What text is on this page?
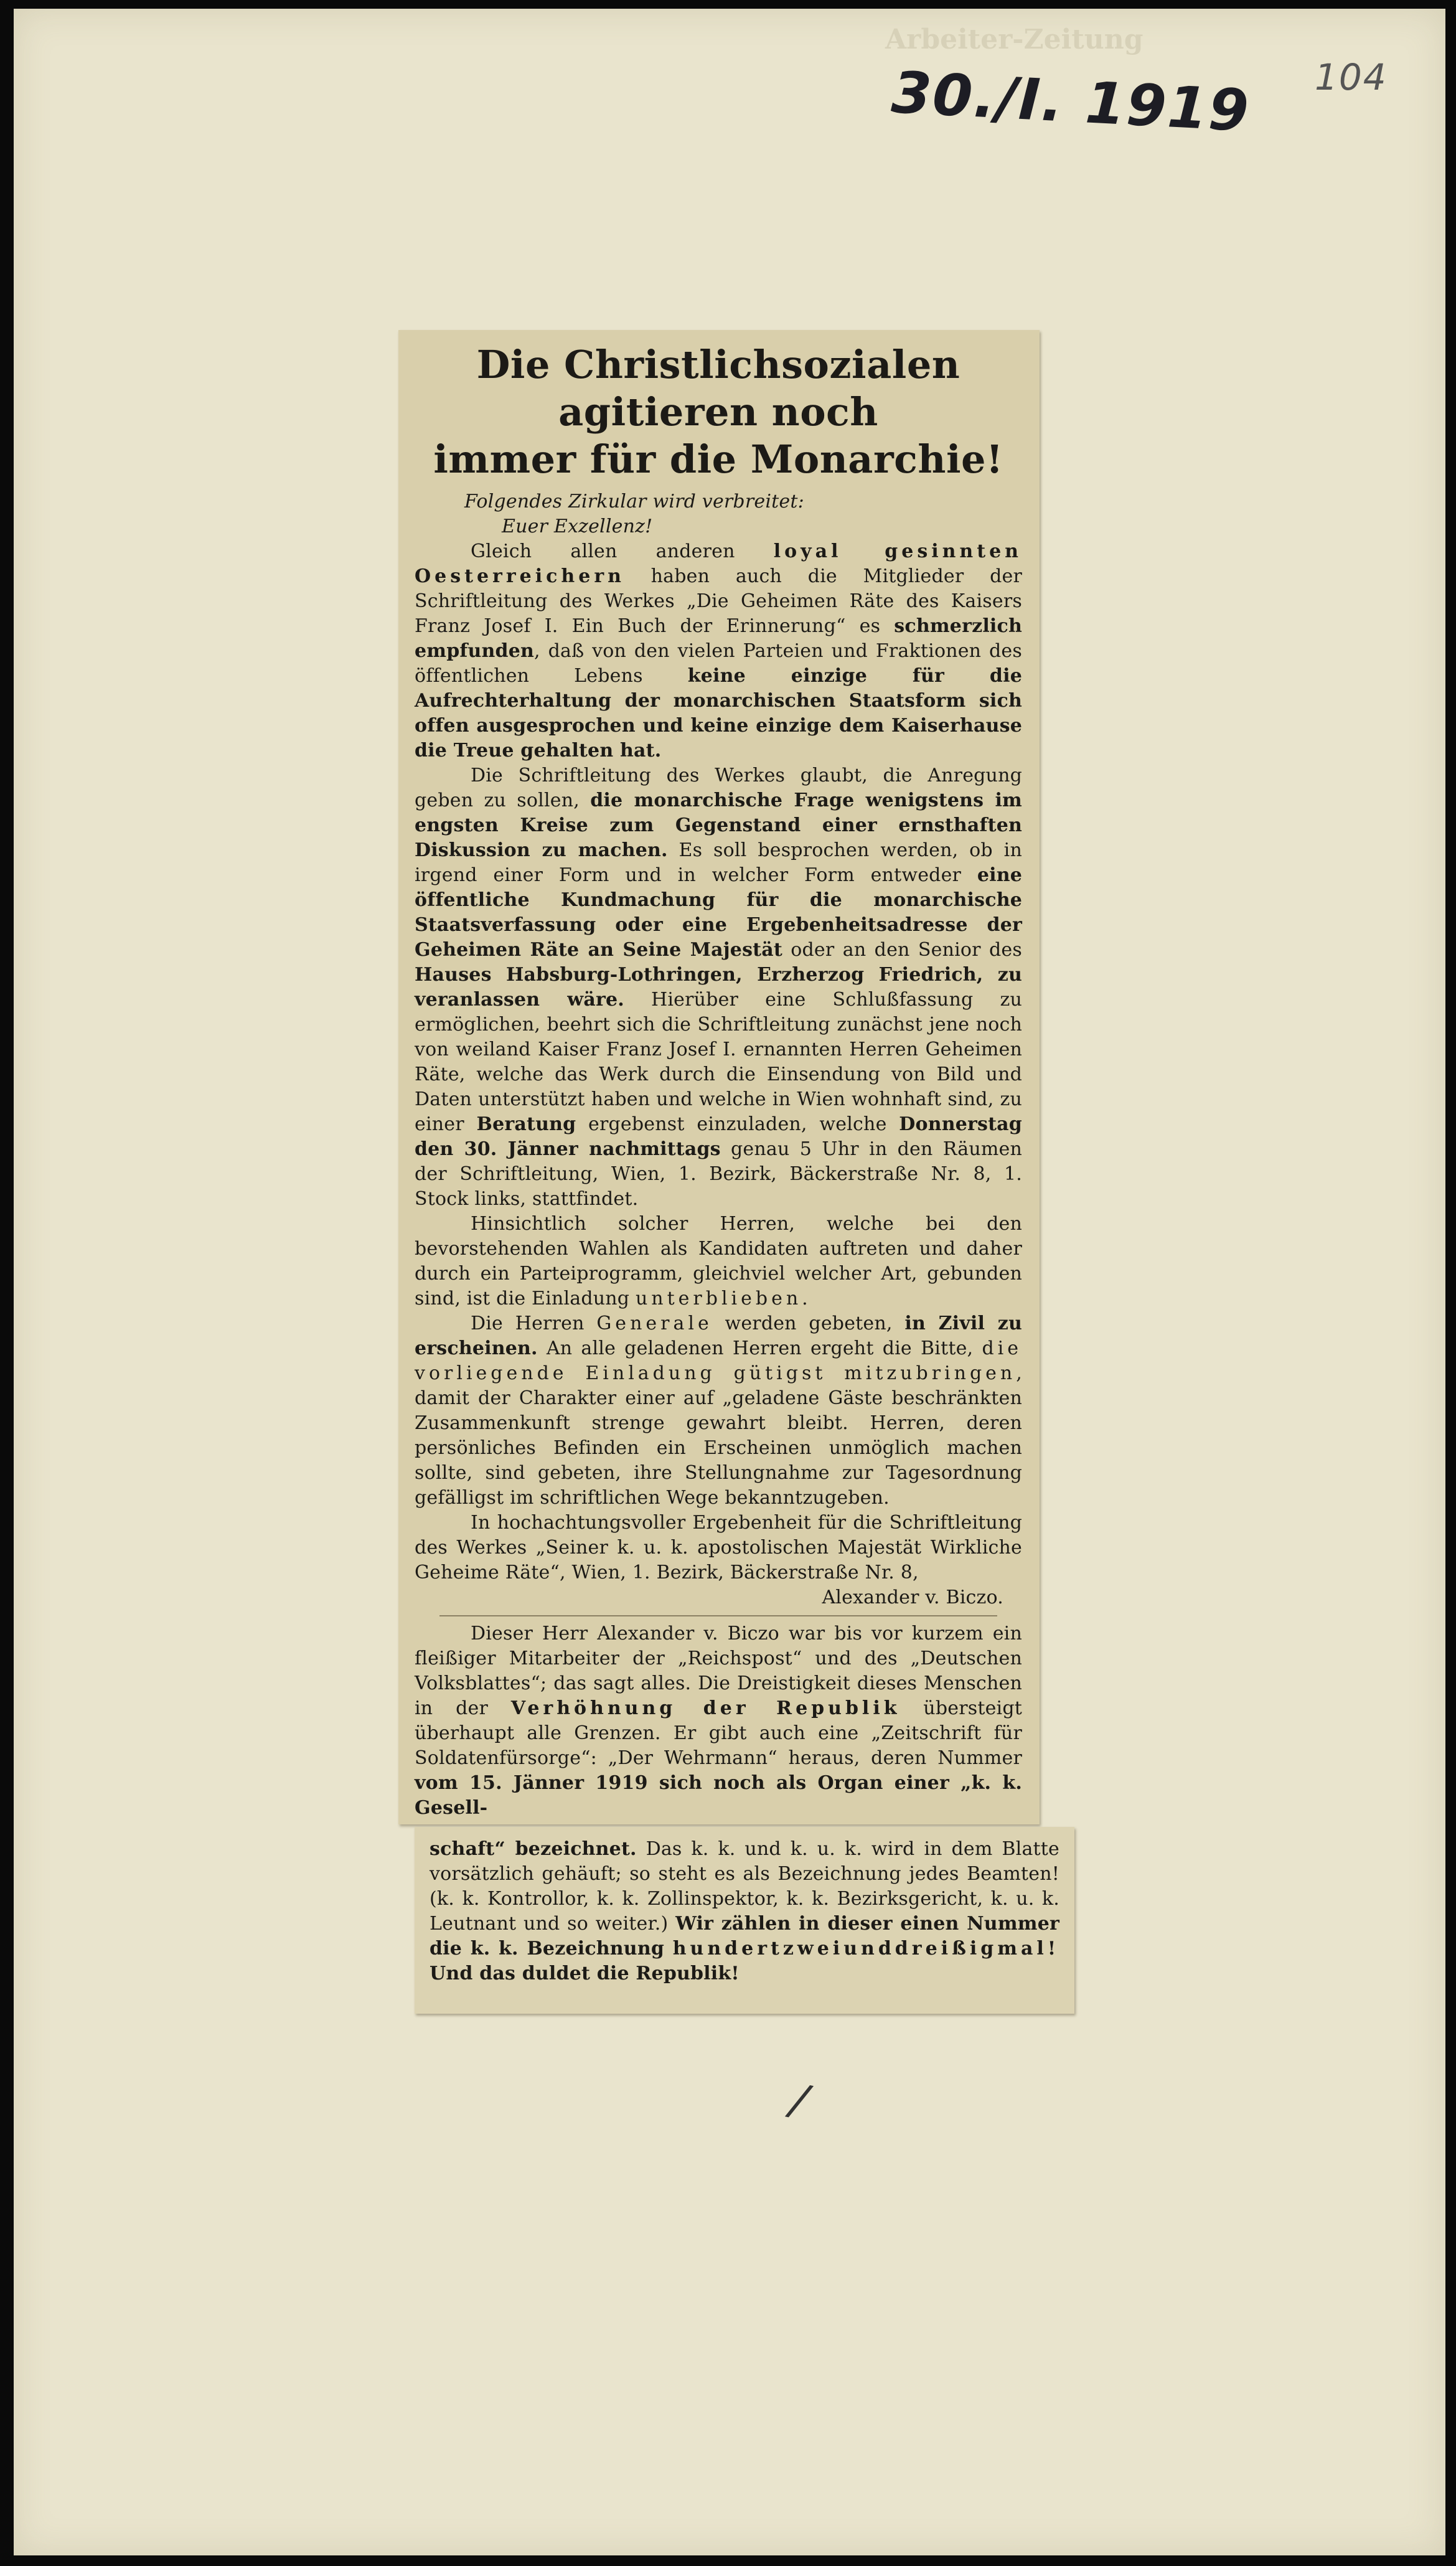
Arbeiter-Zeitung
30./I. 1919 104
/
Die Christlichsozialen agitieren noch
immer für die Monarchie!

Folgendes Zirkular wird verbreitet:

Euer Exzellenz!

Gleich allen anderen loyal gesinnten Oesterreichern haben auch die Mitglieder der Schriftleitung des Werkes „Die Geheimen Räte des Kaisers Franz Josef I. Ein Buch der Erinnerung“ es schmerzlich empfunden, daß von den vielen Parteien und Fraktionen des öffentlichen Lebens keine einzige für die Aufrechterhaltung der monarchischen Staatsform sich offen ausgesprochen und keine einzige dem Kaiserhause die Treue gehalten hat.

Die Schriftleitung des Werkes glaubt, die Anregung geben zu sollen, die monarchische Frage wenigstens im engsten Kreise zum Gegenstand einer ernsthaften Diskussion zu machen. Es soll besprochen werden, ob in irgend einer Form und in welcher Form entweder eine öffentliche Kundmachung für die monarchische Staatsverfassung oder eine Ergebenheitsadresse der Geheimen Räte an Seine Majestät oder an den Senior des Hauses Habsburg-Lothringen, Erzherzog Friedrich, zu veranlassen wäre. Hierüber eine Schlußfassung zu ermöglichen, beehrt sich die Schriftleitung zunächst jene noch von weiland Kaiser Franz Josef I. ernannten Herren Geheimen Räte, welche das Werk durch die Einsendung von Bild und Daten unterstützt haben und welche in Wien wohnhaft sind, zu einer Beratung ergebenst einzuladen, welche Donnerstag den 30. Jänner nachmittags genau 5 Uhr in den Räumen der Schriftleitung, Wien, 1. Bezirk, Bäckerstraße Nr. 8, 1. Stock links, stattfindet.

Hinsichtlich solcher Herren, welche bei den bevorstehenden Wahlen als Kandidaten auftreten und daher durch ein Parteiprogramm, gleichviel welcher Art, gebunden sind, ist die Einladung unterblieben.

Die Herren Generale werden gebeten, in Zivil zu erscheinen. An alle geladenen Herren ergeht die Bitte, die vorliegende Einladung gütigst mitzubringen, damit der Charakter einer auf „geladene Gäste beschränkten Zusammenkunft strenge gewahrt bleibt. Herren, deren persönliches Befinden ein Erscheinen unmöglich machen sollte, sind gebeten, ihre Stellungnahme zur Tagesordnung gefälligst im schriftlichen Wege bekanntzugeben.

In hochachtungsvoller Ergebenheit für die Schriftleitung des Werkes „Seiner k. u. k. apostolischen Majestät Wirkliche Geheime Räte“, Wien, 1. Bezirk, Bäckerstraße Nr. 8,

Alexander v. Biczo.

Dieser Herr Alexander v. Biczo war bis vor kurzem ein fleißiger Mitarbeiter der „Reichspost“ und des „Deutschen Volksblattes“; das sagt alles. Die Dreistigkeit dieses Menschen in der Verhöhnung der Republik übersteigt überhaupt alle Grenzen. Er gibt auch eine „Zeitschrift für Soldatenfürsorge“: „Der Wehrmann“ heraus, deren Nummer vom 15. Jänner 1919 sich noch als Organ einer „k. k. Gesell-

schaft“ bezeichnet. Das k. k. und k. u. k. wird in dem Blatte vorsätzlich gehäuft; so steht es als Bezeichnung jedes Beamten! (k. k. Kontrollor, k. k. Zollinspektor, k. k. Bezirksgericht, k. u. k. Leutnant und so weiter.) Wir zählen in dieser einen Nummer die k. k. Bezeichnung hundertzweiunddreißigmal! Und das duldet die Republik!
